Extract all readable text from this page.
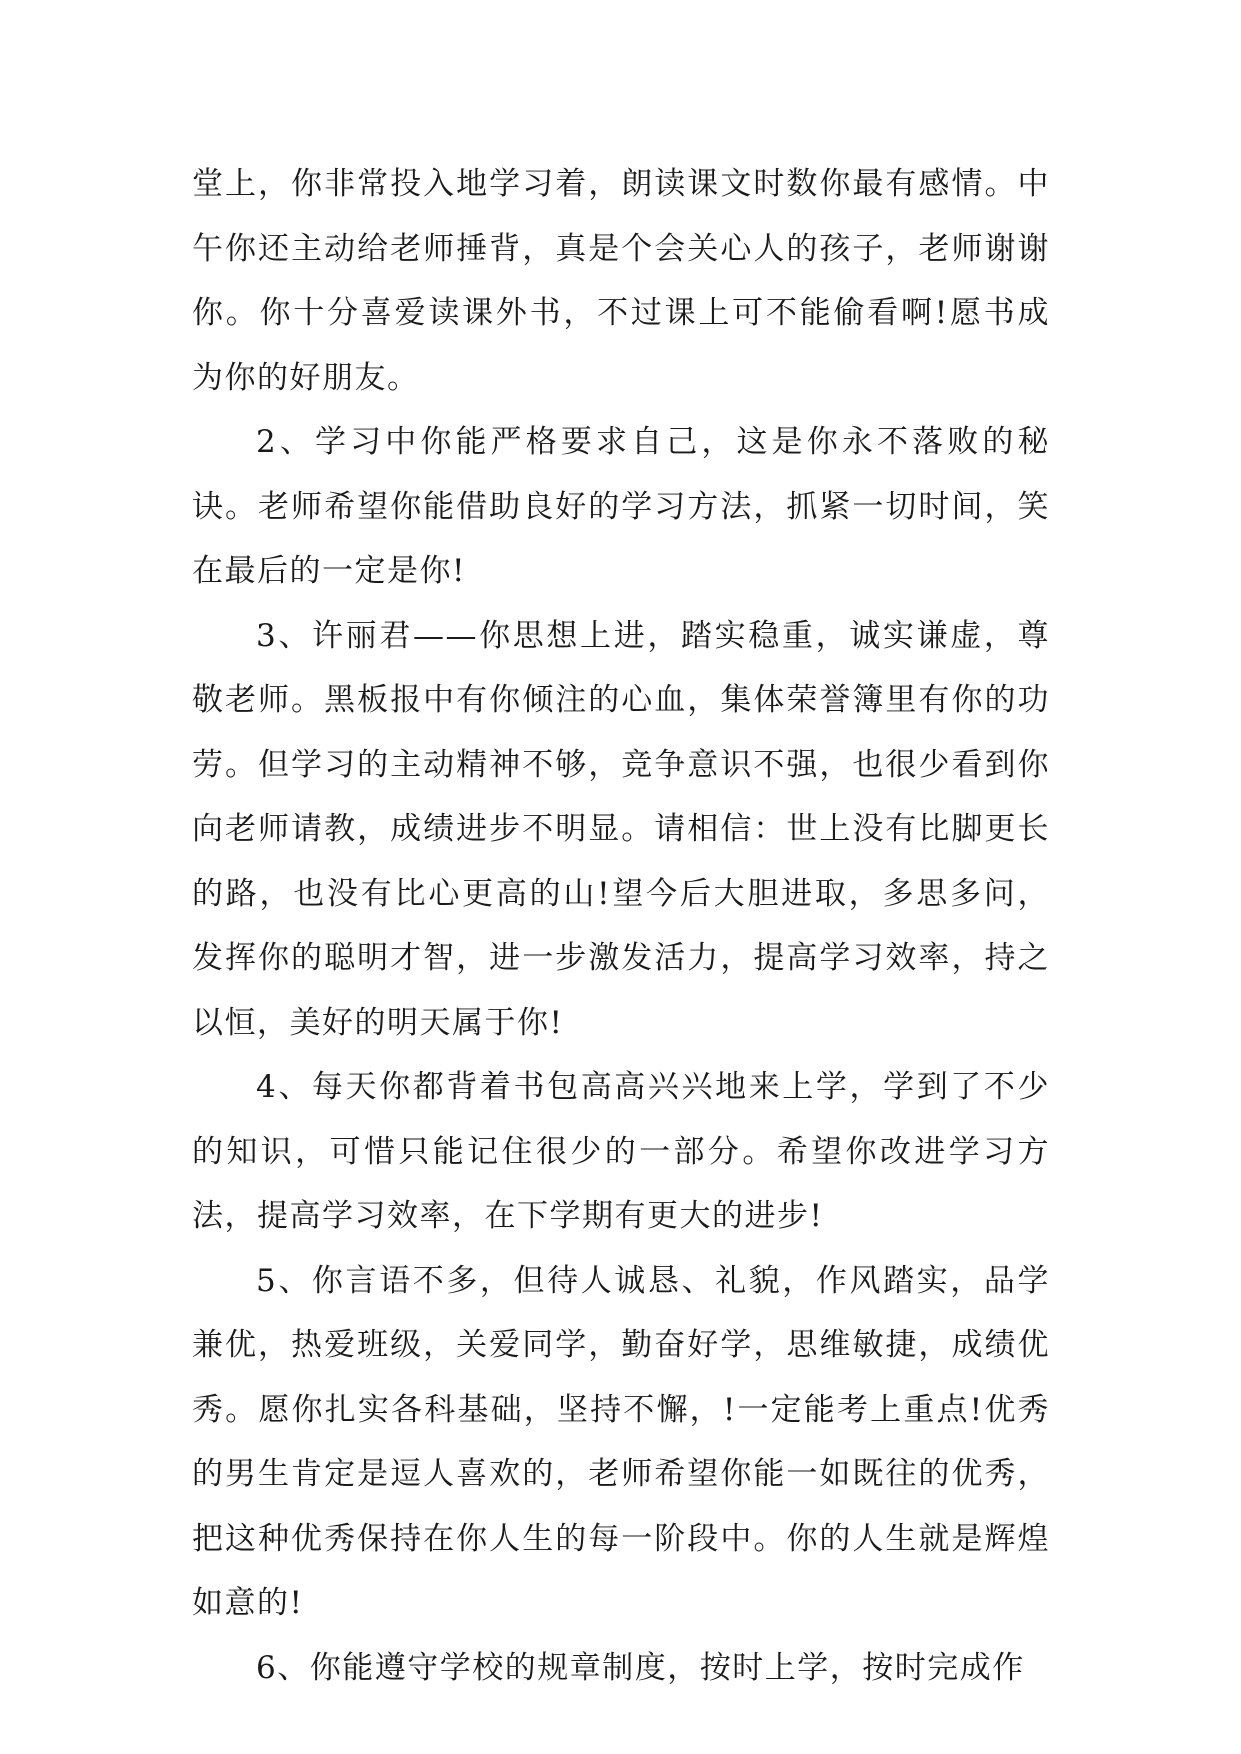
堂上，你非常投入地学习着，朗读课文时数你最有感情。中午你还主动给老师捶背，真是个会关心人的孩子，老师谢谢你。你十分喜爱读课外书，不过课上可不能偷看啊!愿书成为你的好朋友。

2、学习中你能严格要求自己，这是你永不落败的秘诀。老师希望你能借助良好的学习方法，抓紧一切时间，笑在最后的一定是你!

3、许丽君——你思想上进，踏实稳重，诚实谦虚，尊敬老师。黑板报中有你倾注的心血，集体荣誉簿里有你的功劳。但学习的主动精神不够，竞争意识不强，也很少看到你向老师请教，成绩进步不明显。请相信：世上没有比脚更长的路，也没有比心更高的山!望今后大胆进取，多思多问，发挥你的聪明才智，进一步激发活力，提高学习效率，持之以恒，美好的明天属于你!

4、每天你都背着书包高高兴兴地来上学，学到了不少的知识，可惜只能记住很少的一部分。希望你改进学习方法，提高学习效率，在下学期有更大的进步!

5、你言语不多，但待人诚恳、礼貌，作风踏实，品学兼优，热爱班级，关爱同学，勤奋好学，思维敏捷，成绩优秀。愿你扎实各科基础，坚持不懈，!一定能考上重点!优秀的男生肯定是逗人喜欢的，老师希望你能一如既往的优秀，把这种优秀保持在你人生的每一阶段中。你的人生就是辉煌如意的!

6、你能遵守学校的规章制度，按时上学，按时完成作
